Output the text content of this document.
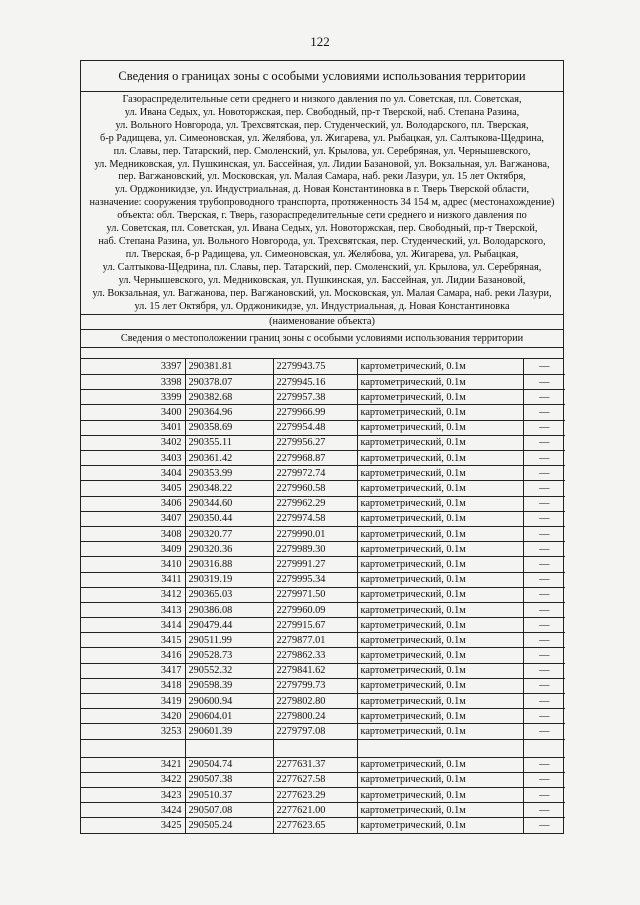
122
Сведения о границах зоны с особыми условиями использования территории
Газораспределительные сети среднего и низкого давления по ул. Советская, пл. Советская,
ул. Ивана Седых, ул. Новоторжская, пер. Свободный, пр-т Тверской, наб. Степана Разина,
ул. Вольного Новгорода, ул. Трехсвятская, пер. Студенческий, ул. Володарского, пл. Тверская,
б-р Радищева, ул. Симеоновская, ул. Желябова, ул. Жигарева, ул. Рыбацкая, ул. Салтыкова-Щедрина,
пл. Славы, пер. Татарский, пер. Смоленский, ул. Крылова, ул. Серебряная, ул. Чернышевского,
ул. Медниковская, ул. Пушкинская, ул. Бассейная, ул. Лидии Базановой, ул. Вокзальная, ул. Вагжанова,
пер. Вагжановский, ул. Московская, ул. Малая Самара, наб. реки Лазури, ул. 15 лет Октября,
ул. Орджоникидзе, ул. Индустриальная, д. Новая Константиновка в г. Тверь Тверской области,
назначение: сооружения трубопроводного транспорта, протяженность 34 154 м, адрес (местонахождение)
объекта: обл. Тверская, г. Тверь, газораспределительные сети среднего и низкого давления по
ул. Советская, пл. Советская, ул. Ивана Седых, ул. Новоторжская, пер. Свободный, пр-т Тверской,
наб. Степана Разина, ул. Вольного Новгорода, ул. Трехсвятская, пер. Студенческий, ул. Володарского,
пл. Тверская, б-р Радищева, ул. Симеоновская, ул. Желябова, ул. Жигарева, ул. Рыбацкая,
ул. Салтыкова-Щедрина, пл. Славы, пер. Татарский, пер. Смоленский, ул. Крылова, ул. Серебряная,
ул. Чернышевского, ул. Медниковская, ул. Пушкинская, ул. Бассейная, ул. Лидии Базановой,
ул. Вокзальная, ул. Вагжанова, пер. Вагжановский, ул. Московская, ул. Малая Самара, наб. реки Лазури,
ул. 15 лет Октября, ул. Орджоникидзе, ул. Индустриальная, д. Новая Константиновка
(наименование объекта)
Сведения о местоположении границ зоны с особыми условиями использования территории
3397	290381.81	2279943.75	картометрический, 0.1м	—
3398	290378.07	2279945.16	картометрический, 0.1м	—
3399	290382.68	2279957.38	картометрический, 0.1м	—
3400	290364.96	2279966.99	картометрический, 0.1м	—
3401	290358.69	2279954.48	картометрический, 0.1м	—
3402	290355.11	2279956.27	картометрический, 0.1м	—
3403	290361.42	2279968.87	картометрический, 0.1м	—
3404	290353.99	2279972.74	картометрический, 0.1м	—
3405	290348.22	2279960.58	картометрический, 0.1м	—
3406	290344.60	2279962.29	картометрический, 0.1м	—
3407	290350.44	2279974.58	картометрический, 0.1м	—
3408	290320.77	2279990.01	картометрический, 0.1м	—
3409	290320.36	2279989.30	картометрический, 0.1м	—
3410	290316.88	2279991.27	картометрический, 0.1м	—
3411	290319.19	2279995.34	картометрический, 0.1м	—
3412	290365.03	2279971.50	картометрический, 0.1м	—
3413	290386.08	2279960.09	картометрический, 0.1м	—
3414	290479.44	2279915.67	картометрический, 0.1м	—
3415	290511.99	2279877.01	картометрический, 0.1м	—
3416	290528.73	2279862.33	картометрический, 0.1м	—
3417	290552.32	2279841.62	картометрический, 0.1м	—
3418	290598.39	2279799.73	картометрический, 0.1м	—
3419	290600.94	2279802.80	картометрический, 0.1м	—
3420	290604.01	2279800.24	картометрический, 0.1м	—
3253	290601.39	2279797.08	картометрический, 0.1м	—

3421	290504.74	2277631.37	картометрический, 0.1м	—
3422	290507.38	2277627.58	картометрический, 0.1м	—
3423	290510.37	2277623.29	картометрический, 0.1м	—
3424	290507.08	2277621.00	картометрический, 0.1м	—
3425	290505.24	2277623.65	картометрический, 0.1м	—
